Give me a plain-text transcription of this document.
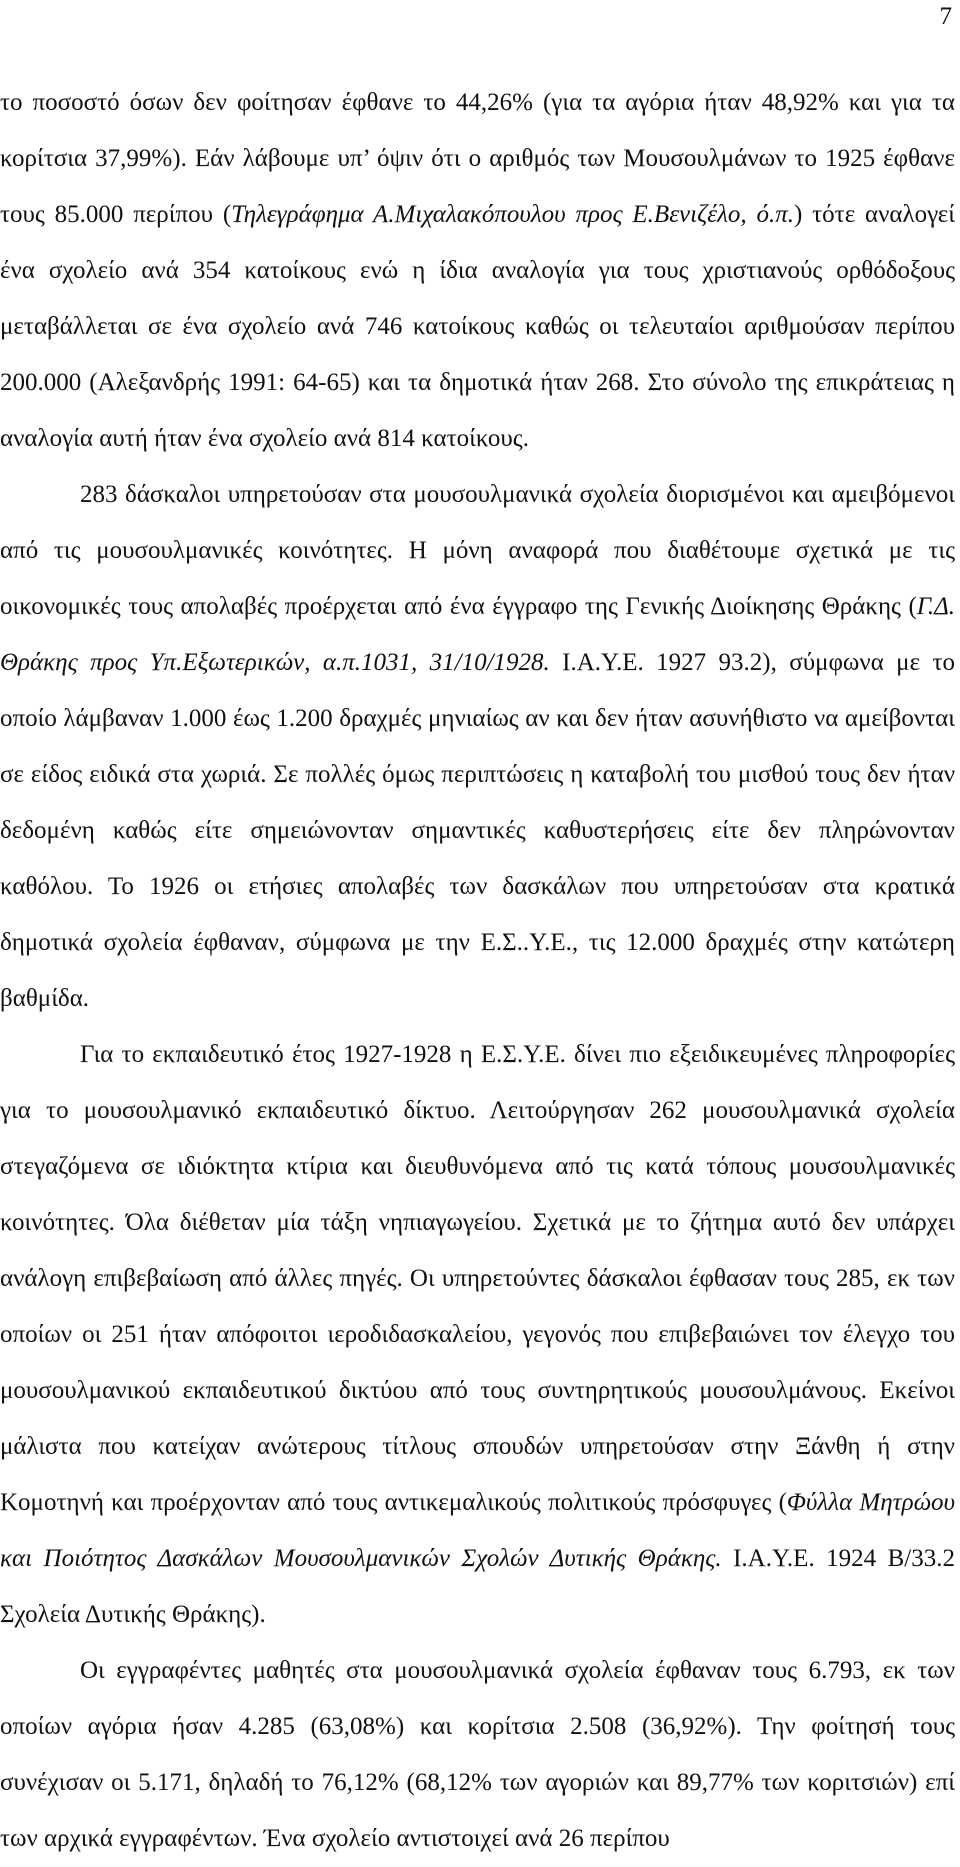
7

το ποσοστό όσων δεν φοίτησαν έφθανε το 44,26% (για τα αγόρια ήταν 48,92% και για τα κορίτσια 37,99%). Εάν λάβουμε υπ’ όψιν ότι ο αριθμός των Μουσουλμάνων το 1925 έφθανε τους 85.000 περίπου (Τηλεγράφημα Α.Μιχαλακόπουλου προς Ε.Βενιζέλο, ό.π.) τότε αναλογεί ένα σχολείο ανά 354 κατοίκους ενώ η ίδια αναλογία για τους χριστιανούς ορθόδοξους μεταβάλλεται σε ένα σχολείο ανά 746 κατοίκους καθώς οι τελευταίοι αριθμούσαν περίπου 200.000 (Αλεξανδρής 1991: 64-65) και τα δημοτικά ήταν 268. Στο σύνολο της επικράτειας η αναλογία αυτή ήταν ένα σχολείο ανά 814 κατοίκους.

283 δάσκαλοι υπηρετούσαν στα μουσουλμανικά σχολεία διορισμένοι και αμειβόμενοι από τις μουσουλμανικές κοινότητες. Η μόνη αναφορά που διαθέτουμε σχετικά με τις οικονομικές τους απολαβές προέρχεται από ένα έγγραφο της Γενικής Διοίκησης Θράκης (Γ.Δ. Θράκης προς Υπ.Εξωτερικών, α.π.1031, 31/10/1928. Ι.Α.Υ.Ε. 1927 93.2), σύμφωνα με το οποίο λάμβαναν 1.000 έως 1.200 δραχμές μηνιαίως αν και δεν ήταν ασυνήθιστο να αμείβονται σε είδος ειδικά στα χωριά. Σε πολλές όμως περιπτώσεις η καταβολή του μισθού τους δεν ήταν δεδομένη καθώς είτε σημειώνονταν σημαντικές καθυστερήσεις είτε δεν πληρώνονταν καθόλου. Το 1926 οι ετήσιες απολαβές των δασκάλων που υπηρετούσαν στα κρατικά δημοτικά σχολεία έφθαναν, σύμφωνα με την Ε.Σ..Υ.Ε., τις 12.000 δραχμές στην κατώτερη βαθμίδα.

Για το εκπαιδευτικό έτος 1927-1928 η Ε.Σ.Υ.Ε. δίνει πιο εξειδικευμένες πληροφορίες για το μουσουλμανικό εκπαιδευτικό δίκτυο. Λειτούργησαν 262 μουσουλμανικά σχολεία στεγαζόμενα σε ιδιόκτητα κτίρια και διευθυνόμενα από τις κατά τόπους μουσουλμανικές κοινότητες. Όλα διέθεταν μία τάξη νηπιαγωγείου. Σχετικά με το ζήτημα αυτό δεν υπάρχει ανάλογη επιβεβαίωση από άλλες πηγές. Οι υπηρετούντες δάσκαλοι έφθασαν τους 285, εκ των οποίων οι 251 ήταν απόφοιτοι ιεροδιδασκαλείου, γεγονός που επιβεβαιώνει τον έλεγχο του μουσουλμανικού εκπαιδευτικού δικτύου από τους συντηρητικούς μουσουλμάνους. Εκείνοι μάλιστα που κατείχαν ανώτερους τίτλους σπουδών υπηρετούσαν στην Ξάνθη ή στην Κομοτηνή και προέρχονταν από τους αντικεμαλικούς πολιτικούς πρόσφυγες (Φύλλα Μητρώου και Ποιότητος Δασκάλων Μουσουλμανικών Σχολών Δυτικής Θράκης. Ι.Α.Υ.Ε. 1924 Β/33.2 Σχολεία Δυτικής Θράκης).

Οι εγγραφέντες μαθητές στα μουσουλμανικά σχολεία έφθαναν τους 6.793, εκ των οποίων αγόρια ήσαν 4.285 (63,08%) και κορίτσια 2.508 (36,92%). Την φοίτησή τους συνέχισαν οι 5.171, δηλαδή το 76,12% (68,12% των αγοριών και 89,77% των κοριτσιών) επί των αρχικά εγγραφέντων. Ένα σχολείο αντιστοιχεί ανά 26 περίπου
